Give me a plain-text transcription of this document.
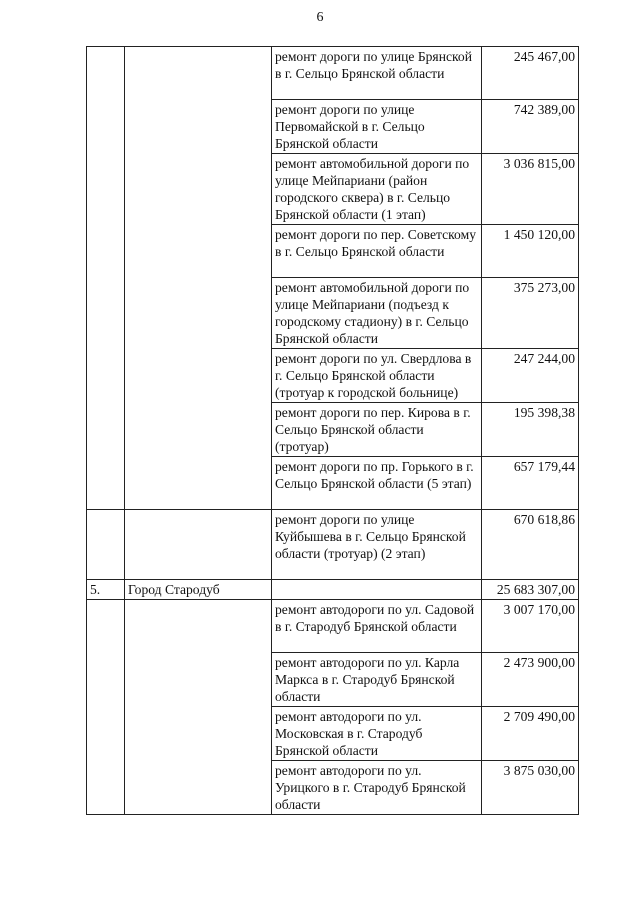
6
		ремонт дороги по улице Брянской в г. Сельцо Брянской области	245 467,00
		ремонт дороги по улице Первомайской в г. Сельцо Брянской области	742 389,00
		ремонт автомобильной дороги по улице Мейпариани (район городского сквера) в г. Сельцо Брянской области (1 этап)	3 036 815,00
		ремонт дороги по пер. Советскому в г. Сельцо Брянской области	1 450 120,00
		ремонт автомобильной дороги по улице Мейпариани (подъезд к городскому стадиону) в г. Сельцо Брянской области	375 273,00
		ремонт дороги по ул. Свердлова в г. Сельцо Брянской области (тротуар к городской больнице)	247 244,00
		ремонт дороги по пер. Кирова в г. Сельцо Брянской области (тротуар)	195 398,38
		ремонт дороги по пр. Горького в г. Сельцо Брянской области (5 этап)	657 179,44
		ремонт дороги по улице Куйбышева в г. Сельцо Брянской области (тротуар) (2 этап)	670 618,86
5.	Город Стародуб		25 683 307,00
		ремонт автодороги по ул. Садовой в г. Стародуб Брянской области	3 007 170,00
		ремонт автодороги по ул. Карла Маркса в г. Стародуб Брянской области	2 473 900,00
		ремонт автодороги по ул. Московская в г. Стародуб Брянской области	2 709 490,00
		ремонт автодороги по ул. Урицкого в г. Стародуб Брянской области	3 875 030,00
